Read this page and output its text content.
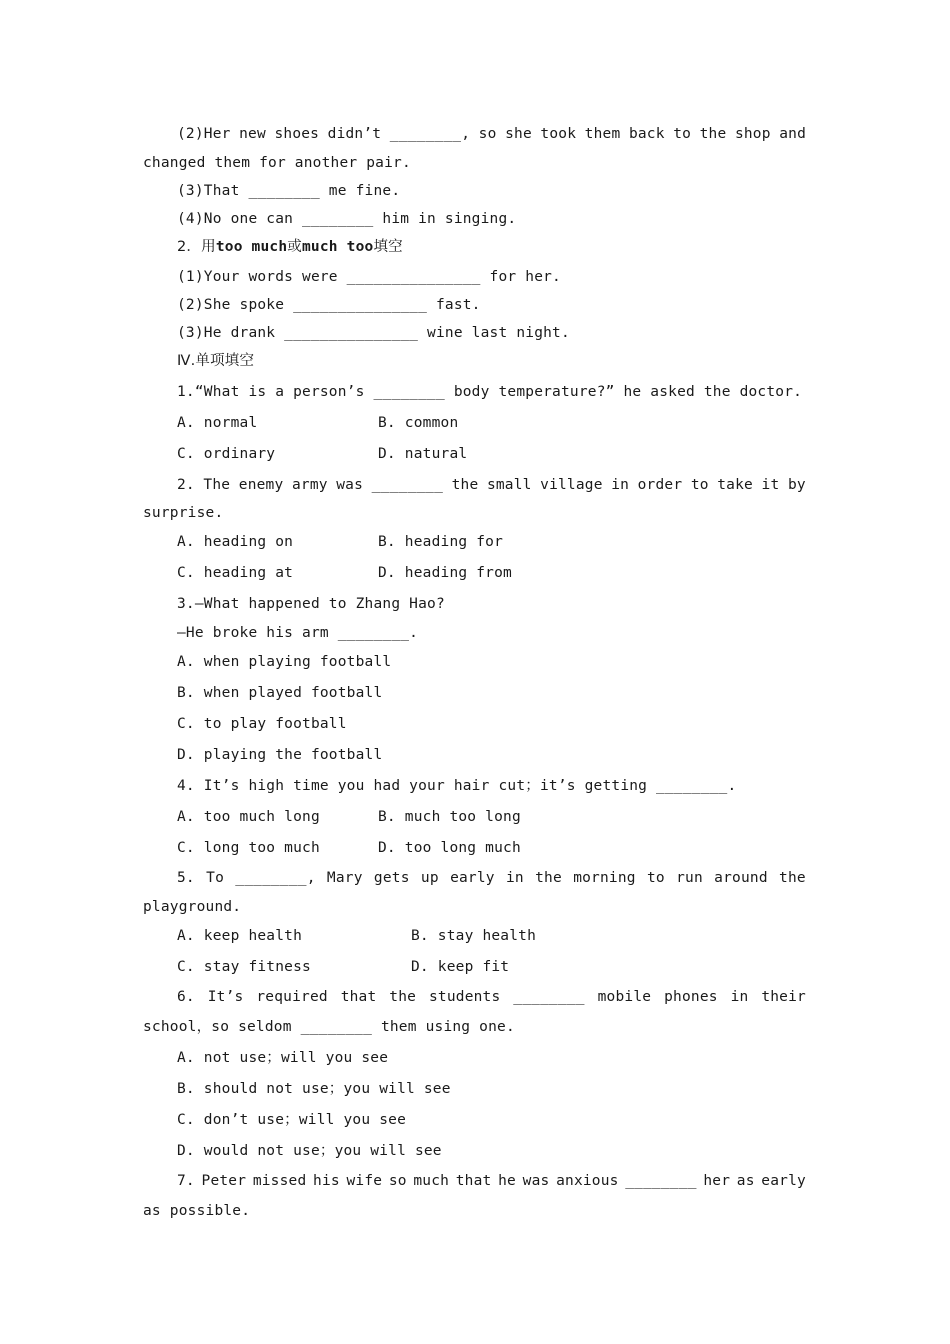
(2)Her new shoes didn’t ________, so she took them back to the shop and
changed them for another pair.
(3)That ________ me fine.
(4)No one can ________ him in singing.
2．用too much或much too填空
(1)Your words were _______________ for her.
(2)She spoke _______________ fast.
(3)He drank _______________ wine last night.
Ⅳ.单项填空
1.“What is a person’s ________ body temperature?” he asked the doctor.
A. normal	B. common
C. ordinary	D. natural
2. The enemy army was ________ the small village in order to take it by
surprise.
A. heading on	B. heading for
C. heading at	D. heading from
3.—What happened to Zhang Hao?
—He broke his arm ________.
A. when playing football
B. when played football
C. to play football
D. playing the football
4. It’s high time you had your hair cut；it’s getting ________.
A. too much long	B. much too long
C. long too much	D. too long much
5. To ________, Mary gets up early in the morning to run around the
playground.
A. keep health	B. stay health
C. stay fitness	D. keep fit
6. It’s required that the students ________ mobile phones in their
school，so seldom ________ them using one.
A. not use；will you see
B. should not use；you will see
C. don’t use；will you see
D. would not use；you will see
7. Peter missed his wife so much that he was anxious ________ her as early
as possible.
